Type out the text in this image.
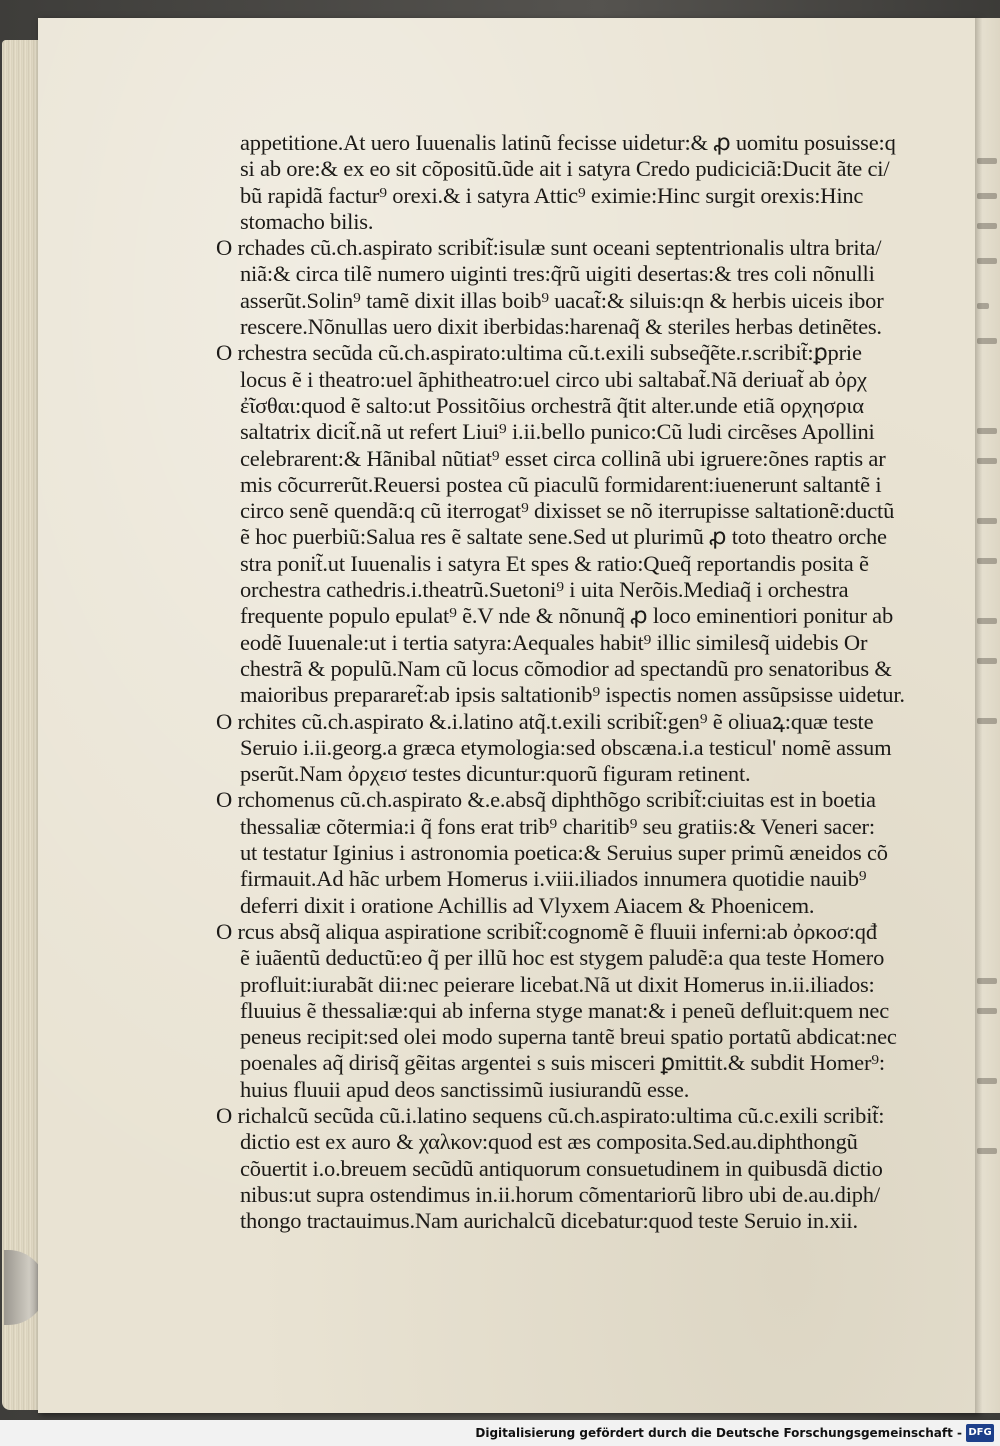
appetitione.At uero Iuuenalis latinũ fecisse uidetur:& ꝓ uomitu posuisse:q
si ab ore:& ex eo sit cõpositũ.ũde ait i satyra Credo pudiciciã:Ducit ãte ci/
bũ rapidã factur⁹ orexi.& i satyra Attic⁹ eximie:Hinc surgit orexis:Hinc
stomacho bilis.
O rchades cũ.ch.aspirato scribit̃:isulæ sunt oceani septentrionalis ultra brita/
niã:& circa tilẽ numero uiginti tres:q̃rũ uigiti desertas:& tres coli nõnulli
asserũt.Solin⁹ tamẽ dixit illas boib⁹ uacat̃:& siluis:qn & herbis uiceis ibor
rescere.Nõnullas uero dixit iberbidas:harenaq̃ & steriles herbas detinẽtes.
O rchestra secũda cũ.ch.aspirato:ultima cũ.t.exili subseq̃ẽte.r.scribit̃:ꝑprie
locus ẽ i theatro:uel ãphitheatro:uel circo ubi saltabat̃.Nã deriuat̃ ab ὀρχ
ἐῖσθαι:quod ẽ salto:ut Possitõius orchestrã q̃tit alter.unde etiã ορχησρια
saltatrix dicit̃.nã ut refert Liui⁹ i.ii.bello punico:Cũ ludi circẽses Apollini
celebrarent:& Hãnibal nũtiat⁹ esset circa collinã ubi igruere:õnes raptis ar
mis cõcurrerũt.Reuersi postea cũ piaculũ formidarent:iuenerunt saltantẽ i
circo senẽ quendã:q cũ iterrogat⁹ dixisset se nõ iterrupisse saltationẽ:ductũ
ẽ hoc puerbiũ:Salua res ẽ saltate sene.Sed ut plurimũ ꝓ toto theatro orche
stra ponit̃.ut Iuuenalis i satyra Et spes & ratio:Queq̃ reportandis posita ẽ
orchestra cathedris.i.theatrũ.Suetoni⁹ i uita Nerõis.Mediaq̃ i orchestra
frequente populo epulat⁹ ẽ.V nde & nõnunq̃ ꝓ loco eminentiori ponitur ab
eodẽ Iuuenale:ut i tertia satyra:Aequales habit⁹ illic similesq̃ uidebis Or
chestrã & populũ.Nam cũ locus cõmodior ad spectandũ pro senatoribus &
maioribus prepararet̃:ab ipsis saltationib⁹ ispectis nomen assũpsisse uidetur.
O rchites cũ.ch.aspirato &.i.latino atq̃.t.exili scribit̃:gen⁹ ẽ oliuaꝝ:quæ teste
Seruio i.ii.georg.a græca etymologia:sed obscæna.i.a testicul' nomẽ assum
pserũt.Nam ὀρχεισ testes dicuntur:quorũ figuram retinent.
O rchomenus cũ.ch.aspirato &.e.absq̃ diphthõgo scribit̃:ciuitas est in boetia
thessaliæ cõtermia:i q̃ fons erat trib⁹ charitib⁹ seu gratiis:& Veneri sacer:
ut testatur Iginius i astronomia poetica:& Seruius super primũ æneidos cõ
firmauit.Ad hãc urbem Homerus i.viii.iliados innumera quotidie nauib⁹
deferri dixit i oratione Achillis ad Vlyxem Aiacem & Phoenicem.
O rcus absq̃ aliqua aspiratione scribit̃:cognomẽ ẽ fluuii inferni:ab ὀρκοσ:qđ
ẽ iuãentũ deductũ:eo q̃ per illũ hoc est stygem paludẽ:a qua teste Homero
profluit:iurabãt dii:nec peierare licebat.Nã ut dixit Homerus in.ii.iliados:
fluuius ẽ thessaliæ:qui ab inferna styge manat:& i peneũ defluit:quem nec
peneus recipit:sed olei modo superna tantẽ breui spatio portatũ abdicat:nec
poenales aq̃ dirisq̃ gẽitas argentei s suis misceri ꝑmittit.& subdit Homer⁹:
huius fluuii apud deos sanctissimũ iusiurandũ esse.
O richalcũ secũda cũ.i.latino sequens cũ.ch.aspirato:ultima cũ.c.exili scribit̃:
dictio est ex auro & χαλκον:quod est æs composita.Sed.au.diphthongũ
cõuertit i.o.breuem secũdũ antiquorum consuetudinem in quibusdã dictio
nibus:ut supra ostendimus in.ii.horum cõmentariorũ libro ubi de.au.diph/
thongo tractauimus.Nam aurichalcũ dicebatur:quod teste Seruio in.xii.
Digitalisierung gefördert durch die Deutsche Forschungsgemeinschaft - DFG
